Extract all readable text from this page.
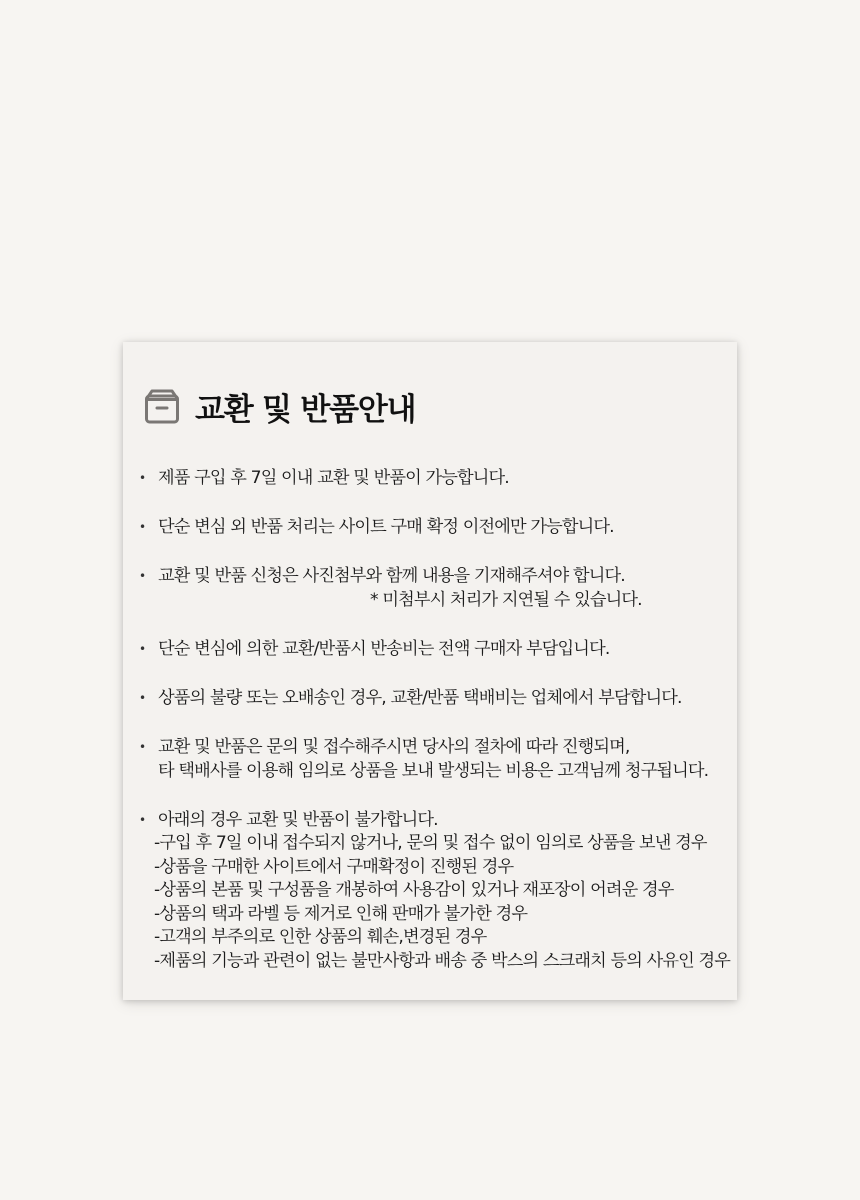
교환 및 반품안내
• 제품 구입 후 7일 이내 교환 및 반품이 가능합니다.
• 단순 변심 외 반품 처리는 사이트 구매 확정 이전에만 가능합니다.
• 교환 및 반품 신청은 사진첨부와 함께 내용을 기재해주셔야 합니다.
* 미첨부시 처리가 지연될 수 있습니다.
• 단순 변심에 의한 교환/반품시 반송비는 전액 구매자 부담입니다.
• 상품의 불량 또는 오배송인 경우, 교환/반품 택배비는 업체에서 부담합니다.
• 교환 및 반품은 문의 및 접수해주시면 당사의 절차에 따라 진행되며,
타 택배사를 이용해 임의로 상품을 보내 발생되는 비용은 고객님께 청구됩니다.
• 아래의 경우 교환 및 반품이 불가합니다.
-구입 후 7일 이내 접수되지 않거나, 문의 및 접수 없이 임의로 상품을 보낸 경우
-상품을 구매한 사이트에서 구매확정이 진행된 경우
-상품의 본품 및 구성품을 개봉하여 사용감이 있거나 재포장이 어려운 경우
-상품의 택과 라벨 등 제거로 인해 판매가 불가한 경우
-고객의 부주의로 인한 상품의 훼손,변경된 경우
-제품의 기능과 관련이 없는 불만사항과 배송 중 박스의 스크래치 등의 사유인 경우
